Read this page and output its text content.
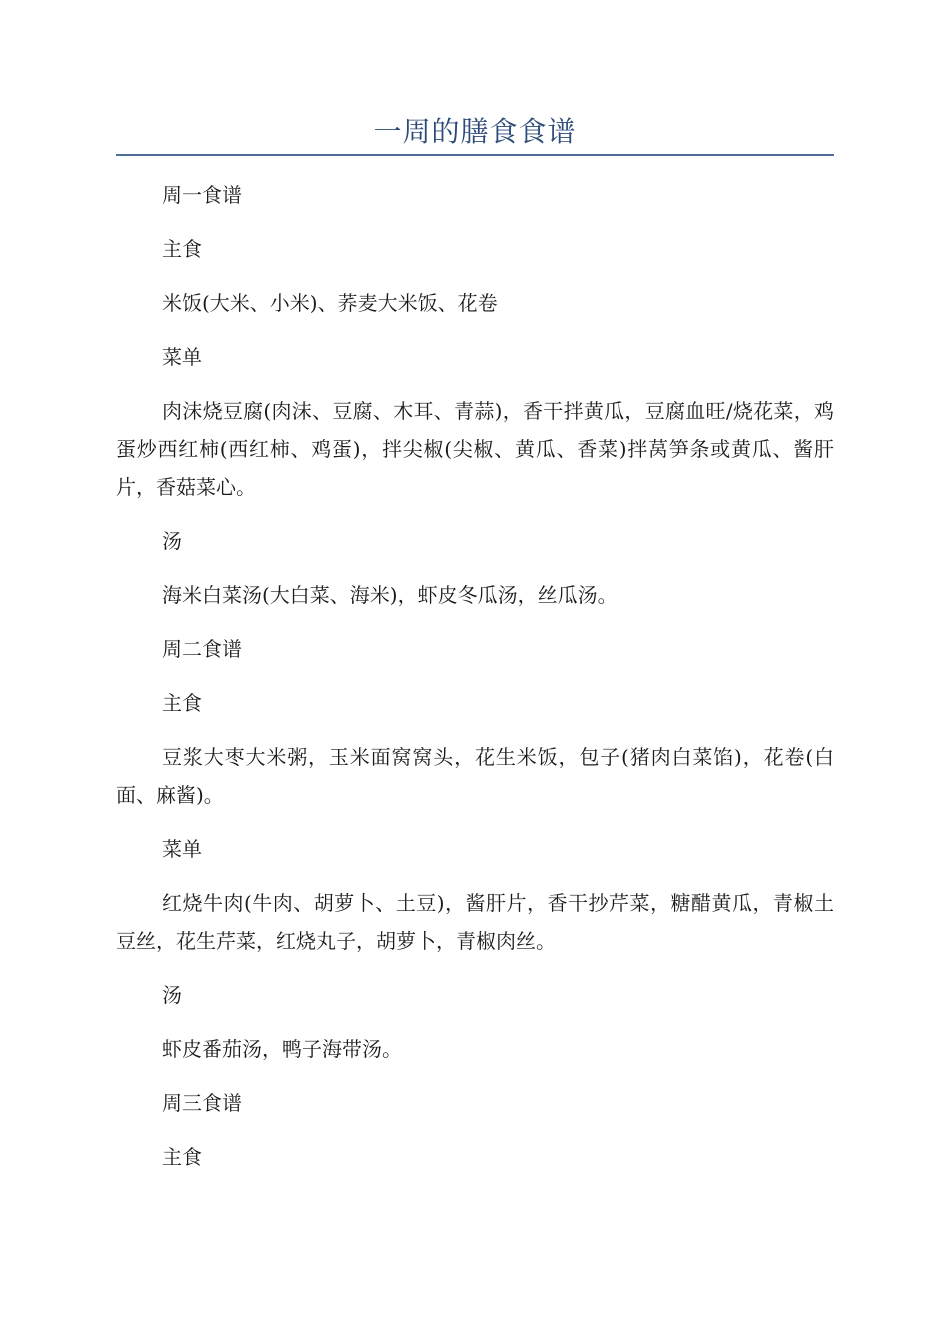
一周的膳食食谱

周一食谱

主食

米饭(大米、小米)、荞麦大米饭、花卷

菜单

肉沫烧豆腐(肉沫、豆腐、木耳、青蒜)，香干拌黄瓜，豆腐血旺/烧花菜，鸡蛋炒西红柿(西红柿、鸡蛋)，拌尖椒(尖椒、黄瓜、香菜)拌莴笋条或黄瓜、酱肝片，香菇菜心。

汤

海米白菜汤(大白菜、海米)，虾皮冬瓜汤，丝瓜汤。

周二食谱

主食

豆浆大枣大米粥，玉米面窝窝头，花生米饭，包子(猪肉白菜馅)，花卷(白面、麻酱)。

菜单

红烧牛肉(牛肉、胡萝卜、土豆)，酱肝片，香干抄芹菜，糖醋黄瓜，青椒土豆丝，花生芹菜，红烧丸子，胡萝卜，青椒肉丝。

汤

虾皮番茄汤，鸭子海带汤。

周三食谱

主食
